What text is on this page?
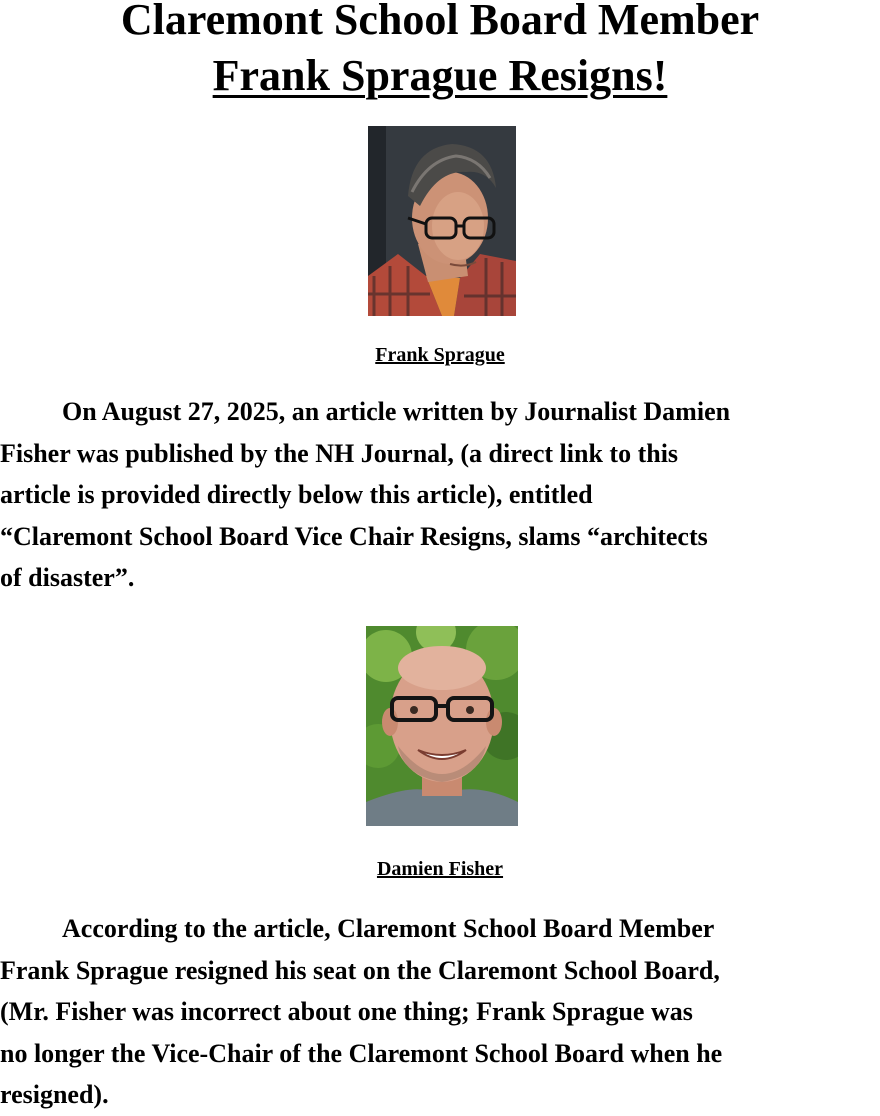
Claremont School Board Member
Frank Sprague Resigns!
Frank Sprague

On August 27, 2025, an article written by Journalist Damien
Fisher was published by the NH Journal, (a direct link to this
article is provided directly below this article), entitled
“Claremont School Board Vice Chair Resigns, slams “architects
of disaster”.

Damien Fisher

According to the article, Claremont School Board Member
Frank Sprague resigned his seat on the Claremont School Board,
(Mr. Fisher was incorrect about one thing; Frank Sprague was
no longer the Vice-Chair of the Claremont School Board when he
resigned).
